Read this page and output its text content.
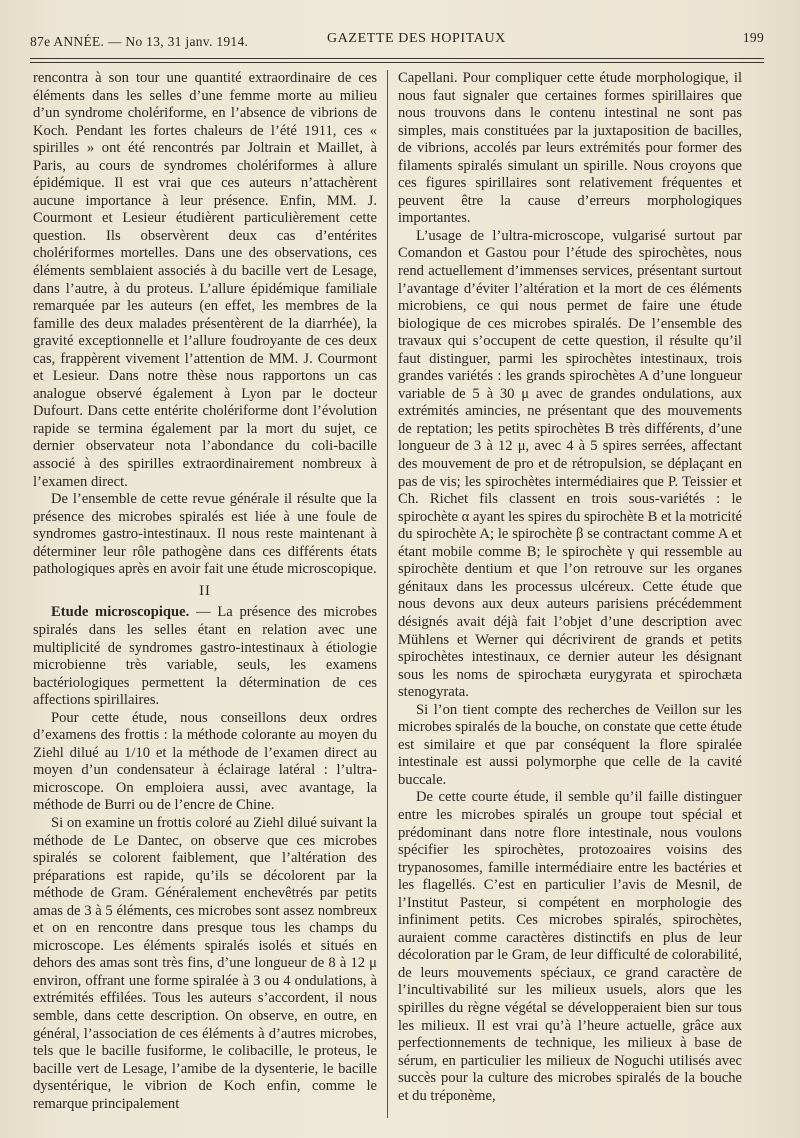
87e ANNÉE. — No 13, 31 janv. 1914.	GAZETTE DES HOPITAUX	199

rencontra à son tour une quantité extraordinaire de ces éléments dans les selles d’une femme morte au milieu d’un syndrome cholériforme, en l’absence de vibrions de Koch. Pendant les fortes chaleurs de l’été 1911, ces « spirilles » ont été rencontrés par Joltrain et Maillet, à Paris, au cours de syndromes cholériformes à allure épidémique. Il est vrai que ces auteurs n’attachèrent aucune importance à leur présence. Enfin, MM. J. Courmont et Lesieur étudièrent particulièrement cette question. Ils observèrent deux cas d’entérites cholériformes mortelles. Dans une des observations, ces éléments semblaient associés à du bacille vert de Lesage, dans l’autre, à du proteus. L’allure épidémique familiale remarquée par les auteurs (en effet, les membres de la famille des deux malades présentèrent de la diarrhée), la gravité exceptionnelle et l’allure foudroyante de ces deux cas, frappèrent vivement l’attention de MM. J. Courmont et Lesieur. Dans notre thèse nous rapportons un cas analogue observé également à Lyon par le docteur Dufourt. Dans cette entérite cholériforme dont l’évolution rapide se termina également par la mort du sujet, ce dernier observateur nota l’abondance du coli-bacille associé à des spirilles extraordinairement nombreux à l’examen direct.

De l’ensemble de cette revue générale il résulte que la présence des microbes spiralés est liée à une foule de syndromes gastro-intestinaux. Il nous reste maintenant à déterminer leur rôle pathogène dans ces différents états pathologiques après en avoir fait une étude microscopique.

II

Etude microscopique. — La présence des microbes spiralés dans les selles étant en relation avec une multiplicité de syndromes gastro-intestinaux à étiologie microbienne très variable, seuls, les examens bactériologiques permettent la détermination de ces affections spirillaires.

Pour cette étude, nous conseillons deux ordres d’examens des frottis : la méthode colorante au moyen du Ziehl dilué au 1/10 et la méthode de l’examen direct au moyen d’un condensateur à éclairage latéral : l’ultra-microscope. On emploiera aussi, avec avantage, la méthode de Burri ou de l’encre de Chine.

Si on examine un frottis coloré au Ziehl dilué suivant la méthode de Le Dantec, on observe que ces microbes spiralés se colorent faiblement, que l’altération des préparations est rapide, qu’ils se décolorent par la méthode de Gram. Généralement enchevêtrés par petits amas de 3 à 5 éléments, ces microbes sont assez nombreux et on en rencontre dans presque tous les champs du microscope. Les éléments spiralés isolés et situés en dehors des amas sont très fins, d’une longueur de 8 à 12 μ environ, offrant une forme spiralée à 3 ou 4 ondulations, à extrémités effilées. Tous les auteurs s’accordent, il nous semble, dans cette description. On observe, en outre, en général, l’association de ces éléments à d’autres microbes, tels que le bacille fusiforme, le colibacille, le proteus, le bacille vert de Lesage, l’amibe de la dysenterie, le bacille dysentérique, le vibrion de Koch enfin, comme le remarque principalement

Capellani. Pour compliquer cette étude morphologique, il nous faut signaler que certaines formes spirillaires que nous trouvons dans le contenu intestinal ne sont pas simples, mais constituées par la juxtaposition de bacilles, de vibrions, accolés par leurs extrémités pour former des filaments spiralés simulant un spirille. Nous croyons que ces figures spirillaires sont relativement fréquentes et peuvent être la cause d’erreurs morphologiques importantes.

L’usage de l’ultra-microscope, vulgarisé surtout par Comandon et Gastou pour l’étude des spirochètes, nous rend actuellement d’immenses services, présentant surtout l’avantage d’éviter l’altération et la mort de ces éléments microbiens, ce qui nous permet de faire une étude biologique de ces microbes spiralés. De l’ensemble des travaux qui s’occupent de cette question, il résulte qu’il faut distinguer, parmi les spirochètes intestinaux, trois grandes variétés : les grands spirochètes A d’une longueur variable de 5 à 30 μ avec de grandes ondulations, aux extrémités amincies, ne présentant que des mouvements de reptation; les petits spirochètes B très différents, d’une longueur de 3 à 12 μ, avec 4 à 5 spires serrées, affectant des mouvement de pro et de rétropulsion, se déplaçant en pas de vis; les spirochètes intermédiaires que P. Teissier et Ch. Richet fils classent en trois sous-variétés : le spirochète α ayant les spires du spirochète B et la motricité du spirochète A; le spirochète β se contractant comme A et étant mobile comme B; le spirochète γ qui ressemble au spirochète dentium et que l’on retrouve sur les organes génitaux dans les processus ulcéreux. Cette étude que nous devons aux deux auteurs parisiens précédemment désignés avait déjà fait l’objet d’une description avec Mühlens et Werner qui décrivirent de grands et petits spirochètes intestinaux, ce dernier auteur les désignant sous les noms de spirochæta eurygyrata et spirochæta stenogyrata.

Si l’on tient compte des recherches de Veillon sur les microbes spiralés de la bouche, on constate que cette étude est similaire et que par conséquent la flore spiralée intestinale est aussi polymorphe que celle de la cavité buccale.

De cette courte étude, il semble qu’il faille distinguer entre les microbes spiralés un groupe tout spécial et prédominant dans notre flore intestinale, nous voulons spécifier les spirochètes, protozoaires voisins des trypanosomes, famille intermédiaire entre les bactéries et les flagellés. C’est en particulier l’avis de Mesnil, de l’Institut Pasteur, si compétent en morphologie des infiniment petits. Ces microbes spiralés, spirochètes, auraient comme caractères distinctifs en plus de leur décoloration par le Gram, de leur difficulté de colorabilité, de leurs mouvements spéciaux, ce grand caractère de l’incultivabilité sur les milieux usuels, alors que les spirilles du règne végétal se développeraient bien sur tous les milieux. Il est vrai qu’à l’heure actuelle, grâce aux perfectionnements de technique, les milieux à base de sérum, en particulier les milieux de Noguchi utilisés avec succès pour la culture des microbes spiralés de la bouche et du tréponème,
